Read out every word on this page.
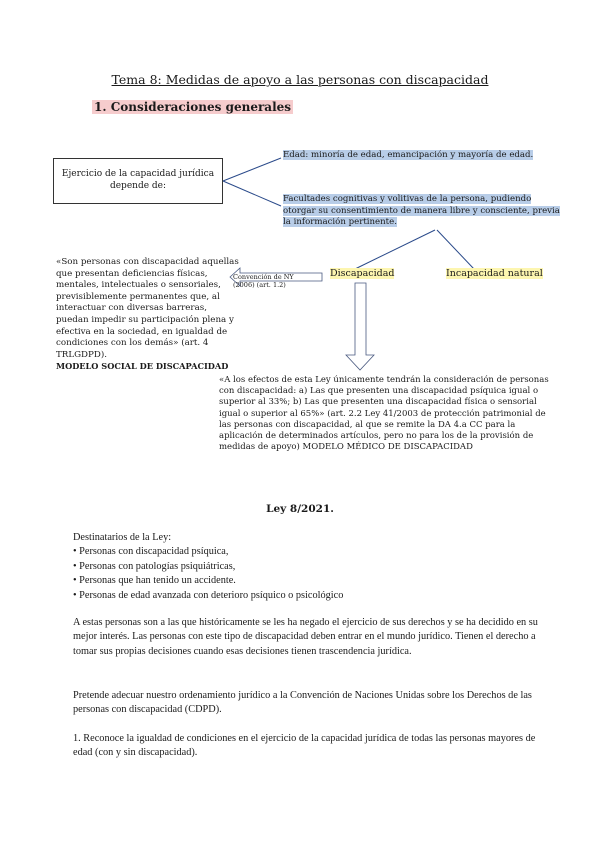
Tema 8: Medidas de apoyo a las personas con discapacidad
1. Consideraciones generales
Ejercicio de la capacidad jurídica depende de:
Edad: minoría de edad, emancipación y mayoría de edad.
Facultades cognitivas y volitivas de la persona, pudiendo otorgar su consentimiento de manera libre y consciente, previa la información pertinente.
Discapacidad	Incapacidad natural
Convención de NY (2006) (art. 1.2)
«Son personas con discapacidad aquellas que presentan deficiencias físicas, mentales, intelectuales o sensoriales, previsiblemente permanentes que, al interactuar con diversas barreras, puedan impedir su participación plena y efectiva en la sociedad, en igualdad de condiciones con los demás» (art. 4 TRLGDPD).
MODELO SOCIAL DE DISCAPACIDAD
«A los efectos de esta Ley únicamente tendrán la consideración de personas con discapacidad: a) Las que presenten una discapacidad psíquica igual o superior al 33%; b) Las que presenten una discapacidad física o sensorial igual o superior al 65%» (art. 2.2 Ley 41/2003 de protección patrimonial de las personas con discapacidad, al que se remite la DA 4.a CC para la aplicación de determinados artículos, pero no para los de la provisión de medidas de apoyo) MODELO MÉDICO DE DISCAPACIDAD
Ley 8/2021.
Destinatarios de la Ley:
• Personas con discapacidad psíquica,
• Personas con patologías psiquiátricas,
• Personas que han tenido un accidente.
• Personas de edad avanzada con deterioro psíquico o psicológico
A estas personas son a las que históricamente se les ha negado el ejercicio de sus derechos y se ha decidido en su mejor interés. Las personas con este tipo de discapacidad deben entrar en el mundo jurídico. Tienen el derecho a tomar sus propias decisiones cuando esas decisiones tienen trascendencia jurídica.
Pretende adecuar nuestro ordenamiento jurídico a la Convención de Naciones Unidas sobre los Derechos de las personas con discapacidad (CDPD).
1. Reconoce la igualdad de condiciones en el ejercicio de la capacidad jurídica de todas las personas mayores de edad (con y sin discapacidad).
